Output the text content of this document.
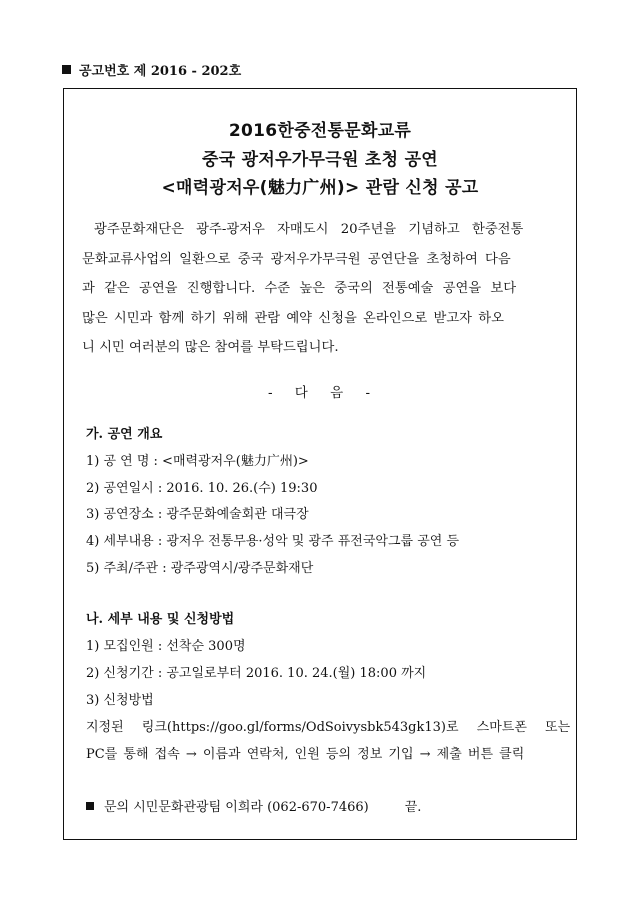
공고번호 제 2016 - 202호
2016한중전통문화교류
중국 광저우가무극원 초청 공연
<매력광저우(魅力广州)> 관람 신청 공고
광주문화재단은 광주-광저우 자매도시 20주년을 기념하고 한중전통
문화교류사업의 일환으로 중국 광저우가무극원 공연단을 초청하여 다음
과 같은 공연을 진행합니다. 수준 높은 중국의 전통예술 공연을 보다
많은 시민과 함께 하기 위해 관람 예약 신청을 온라인으로 받고자 하오
니 시민 여러분의 많은 참여를 부탁드립니다.
- 다 음 -
가. 공연 개요
1) 공 연 명 : <매력광저우(魅力广州)>
2) 공연일시 : 2016. 10. 26.(수) 19:30
3) 공연장소 : 광주문화예술회관 대극장
4) 세부내용 : 광저우 전통무용·성악 및 광주 퓨전국악그룹 공연 등
5) 주최/주관 : 광주광역시/광주문화재단
나. 세부 내용 및 신청방법
1) 모집인원 : 선착순 300명
2) 신청기간 : 공고일로부터 2016. 10. 24.(월) 18:00 까지
3) 신청방법
지정된 링크(https://goo.gl/forms/OdSoivysbk543gk13)로 스마트폰 또는
PC를 통해 접속 → 이름과 연락처, 인원 등의 정보 기입 → 제출 버튼 클릭
문의 시민문화관광팀 이희라 (062-670-7466)	끝.
